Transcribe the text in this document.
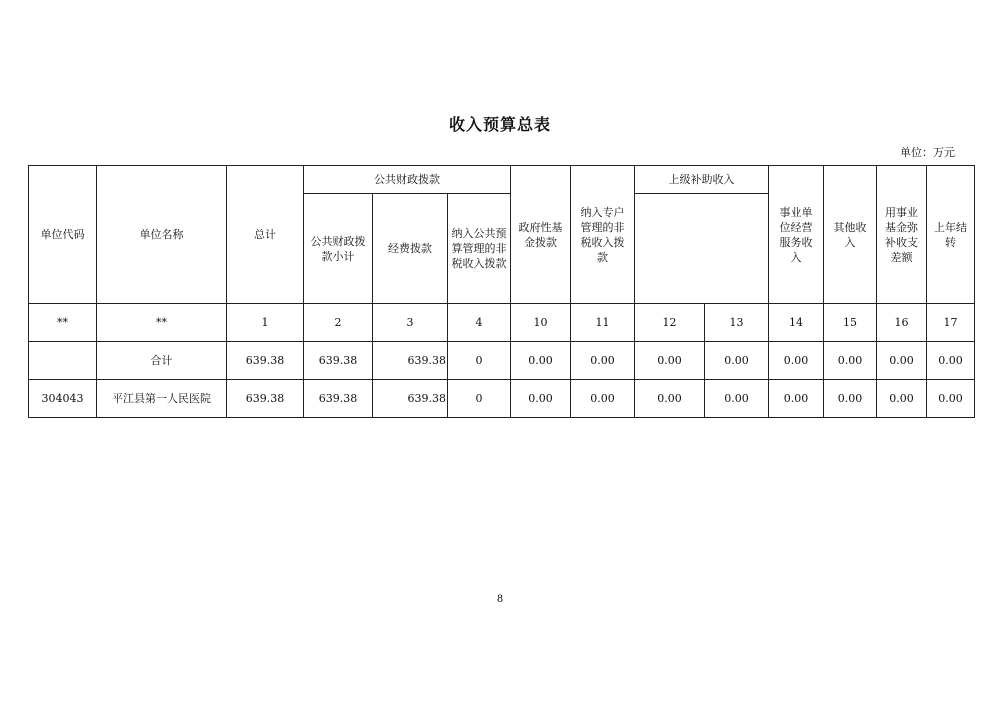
收入预算总表
单位：万元
单位代码	单位名称	总计	公共财政拨款			政府性基金拨款	纳入专户管理的非税收入拨款	上级补助收入		事业单位经营服务收入	其他收入	用事业基金弥补收支差额	上年结转
			公共财政拨款小计	经费拨款	纳入公共预算管理的非税收入拨款								

**	**	1	2	3	4	10	11	12	13	14	15	16	17
	合计	639.38	639.38	639.38	0	0.00	0.00	0.00	0.00	0.00	0.00	0.00	0.00
304043	平江县第一人民医院	639.38	639.38	639.38	0	0.00	0.00	0.00	0.00	0.00	0.00	0.00	0.00
8
